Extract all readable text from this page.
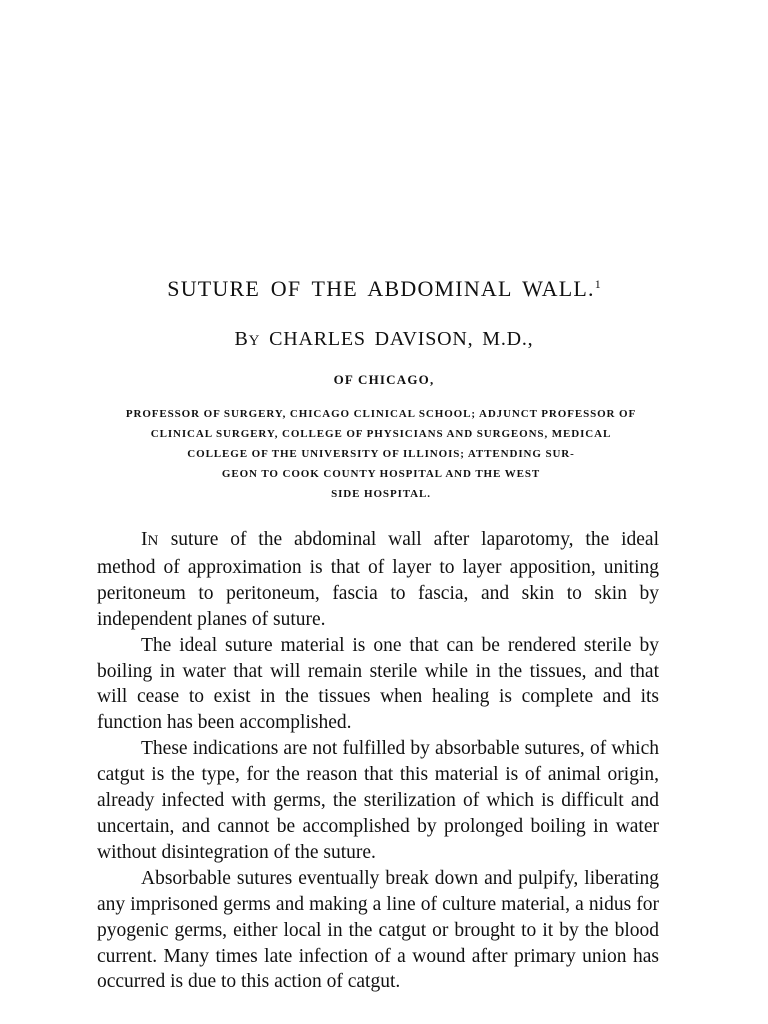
SUTURE OF THE ABDOMINAL WALL.$^1$

BY CHARLES DAVISON, M.D.,

OF CHICAGO,

PROFESSOR OF SURGERY, CHICAGO CLINICAL SCHOOL; ADJUNCT PROFESSOR OF
CLINICAL SURGERY, COLLEGE OF PHYSICIANS AND SURGEONS, MEDICAL
COLLEGE OF THE UNIVERSITY OF ILLINOIS; ATTENDING SUR-
GEON TO COOK COUNTY HOSPITAL AND THE WEST
SIDE HOSPITAL.

IN suture of the abdominal wall after laparotomy, the ideal method of approximation is that of layer to layer apposition, uniting peritoneum to peritoneum, fascia to fascia, and skin to skin by independent planes of suture.

The ideal suture material is one that can be rendered sterile by boiling in water that will remain sterile while in the tissues, and that will cease to exist in the tissues when healing is complete and its function has been accomplished.

These indications are not fulfilled by absorbable sutures, of which catgut is the type, for the reason that this material is of animal origin, already infected with germs, the sterilization of which is difficult and uncertain, and cannot be accomplished by prolonged boiling in water without disintegration of the suture.

Absorbable sutures eventually break down and pulpify, liberating any imprisoned germs and making a line of culture material, a nidus for pyogenic germs, either local in the catgut or brought to it by the blood current. Many times late infection of a wound after primary union has occurred is due to this action of catgut.
